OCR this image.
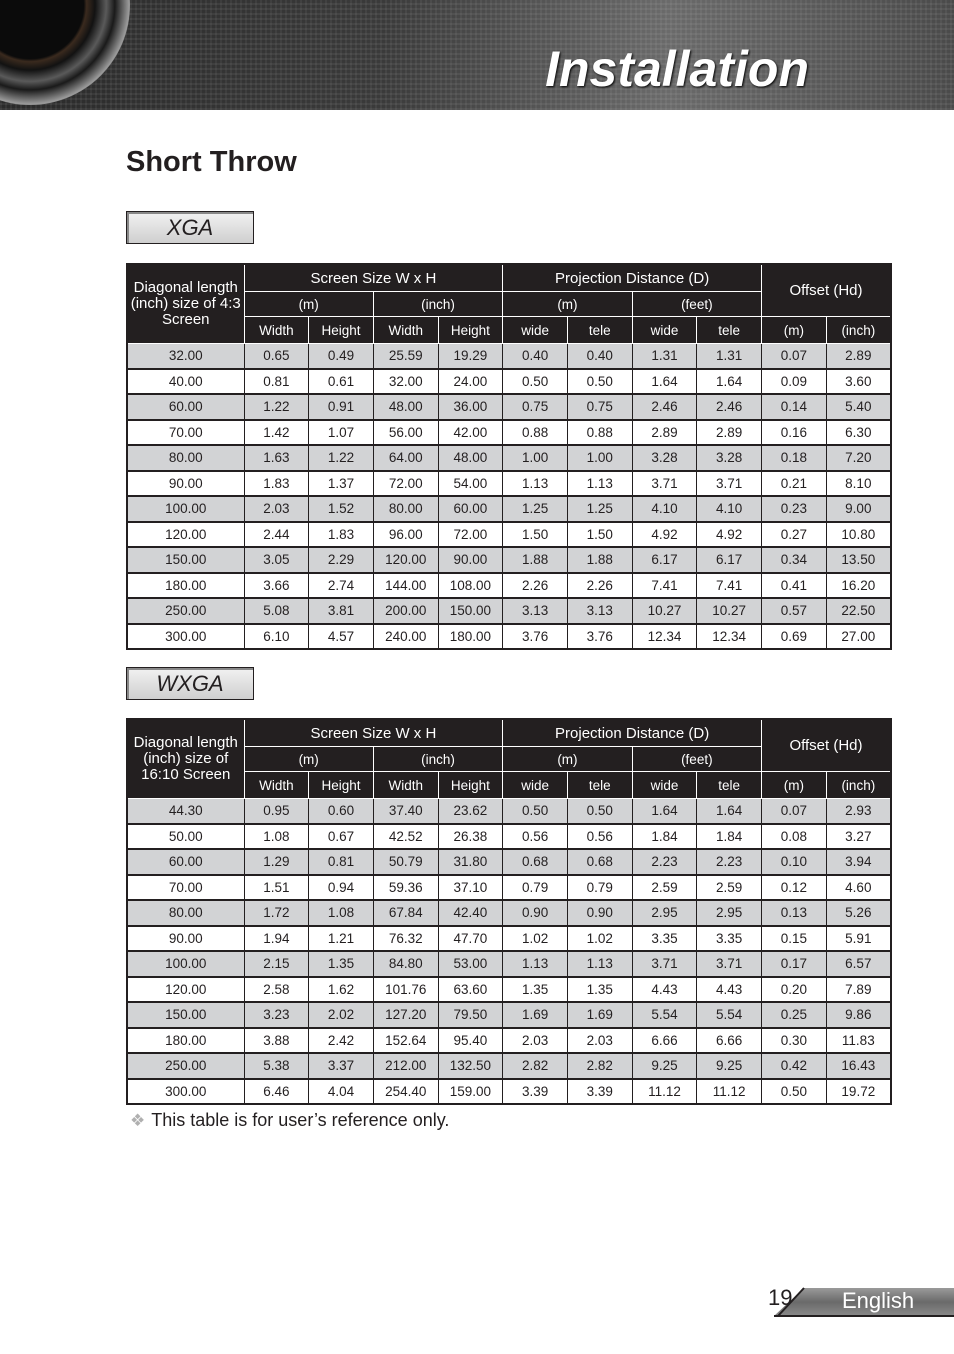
Installation
Short Throw
XGA
Diagonal length (inch) size of 4:3 Screen	Screen Size W x H				Projection Distance (D)				Offset (Hd)	
	(m)		(inch)		(m)		(feet)			
	Width	Height	Width	Height	wide	tele	wide	tele	(m)	(inch)
32.00	0.65	0.49	25.59	19.29	0.40	0.40	1.31	1.31	0.07	2.89
40.00	0.81	0.61	32.00	24.00	0.50	0.50	1.64	1.64	0.09	3.60
60.00	1.22	0.91	48.00	36.00	0.75	0.75	2.46	2.46	0.14	5.40
70.00	1.42	1.07	56.00	42.00	0.88	0.88	2.89	2.89	0.16	6.30
80.00	1.63	1.22	64.00	48.00	1.00	1.00	3.28	3.28	0.18	7.20
90.00	1.83	1.37	72.00	54.00	1.13	1.13	3.71	3.71	0.21	8.10
100.00	2.03	1.52	80.00	60.00	1.25	1.25	4.10	4.10	0.23	9.00
120.00	2.44	1.83	96.00	72.00	1.50	1.50	4.92	4.92	0.27	10.80
150.00	3.05	2.29	120.00	90.00	1.88	1.88	6.17	6.17	0.34	13.50
180.00	3.66	2.74	144.00	108.00	2.26	2.26	7.41	7.41	0.41	16.20
250.00	5.08	3.81	200.00	150.00	3.13	3.13	10.27	10.27	0.57	22.50
300.00	6.10	4.57	240.00	180.00	3.76	3.76	12.34	12.34	0.69	27.00
WXGA
Diagonal length (inch) size of 16:10 Screen	Screen Size W x H				Projection Distance (D)				Offset (Hd)	
	(m)		(inch)		(m)		(feet)			
	Width	Height	Width	Height	wide	tele	wide	tele	(m)	(inch)
44.30	0.95	0.60	37.40	23.62	0.50	0.50	1.64	1.64	0.07	2.93
50.00	1.08	0.67	42.52	26.38	0.56	0.56	1.84	1.84	0.08	3.27
60.00	1.29	0.81	50.79	31.80	0.68	0.68	2.23	2.23	0.10	3.94
70.00	1.51	0.94	59.36	37.10	0.79	0.79	2.59	2.59	0.12	4.60
80.00	1.72	1.08	67.84	42.40	0.90	0.90	2.95	2.95	0.13	5.26
90.00	1.94	1.21	76.32	47.70	1.02	1.02	3.35	3.35	0.15	5.91
100.00	2.15	1.35	84.80	53.00	1.13	1.13	3.71	3.71	0.17	6.57
120.00	2.58	1.62	101.76	63.60	1.35	1.35	4.43	4.43	0.20	7.89
150.00	3.23	2.02	127.20	79.50	1.69	1.69	5.54	5.54	0.25	9.86
180.00	3.88	2.42	152.64	95.40	2.03	2.03	6.66	6.66	0.30	11.83
250.00	5.38	3.37	212.00	132.50	2.82	2.82	9.25	9.25	0.42	16.43
300.00	6.46	4.04	254.40	159.00	3.39	3.39	11.12	11.12	0.50	19.72
❖ This table is for user’s reference only.
19 English
